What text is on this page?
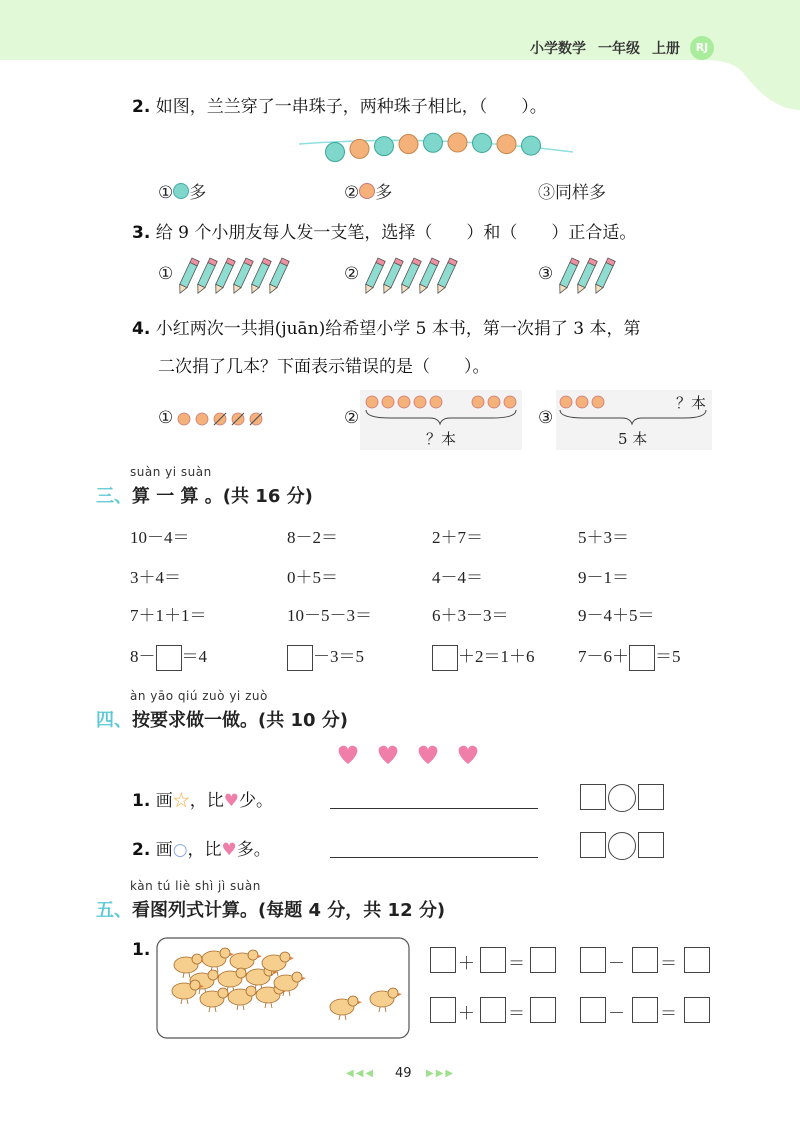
小学数学 一年级 上册	RJ
2. 如图，兰兰穿了一串珠子，两种珠子相比，（　　）。
① 多	② 多	③同样多
3. 给 9 个小朋友每人发一支笔，选择（　　）和（　　）正合适。
①	②	③
4. 小红两次一共捐(juān)给希望小学 5 本书，第一次捐了 3 本，第
二次捐了几本？下面表示错误的是（　　）。
①	②
？本
③
？本
5 本
suàn yi suàn
三、算 一 算 。(共 16 分)
10－4＝	8－2＝	2＋7＝	5＋3＝
3＋4＝	0＋5＝	4－4＝	9－1＝
7＋1＋1＝	10－5－3＝	6＋3－3＝	9－4＋5＝
8－ ＝4	－3＝5	＋2＝1＋6	7－6＋ ＝5
àn yāo qiú zuò yi zuò
四、按要求做一做。(共 10 分)
1. 画☆，比♥少。
2. 画○，比♥多。
kàn tú liè shì jì suàn
五、看图列式计算。(每题 4 分，共 12 分)
1.
＋ ＝	－ ＝
＋ ＝	－ ＝
◀◀◀ 49 ▶▶▶
